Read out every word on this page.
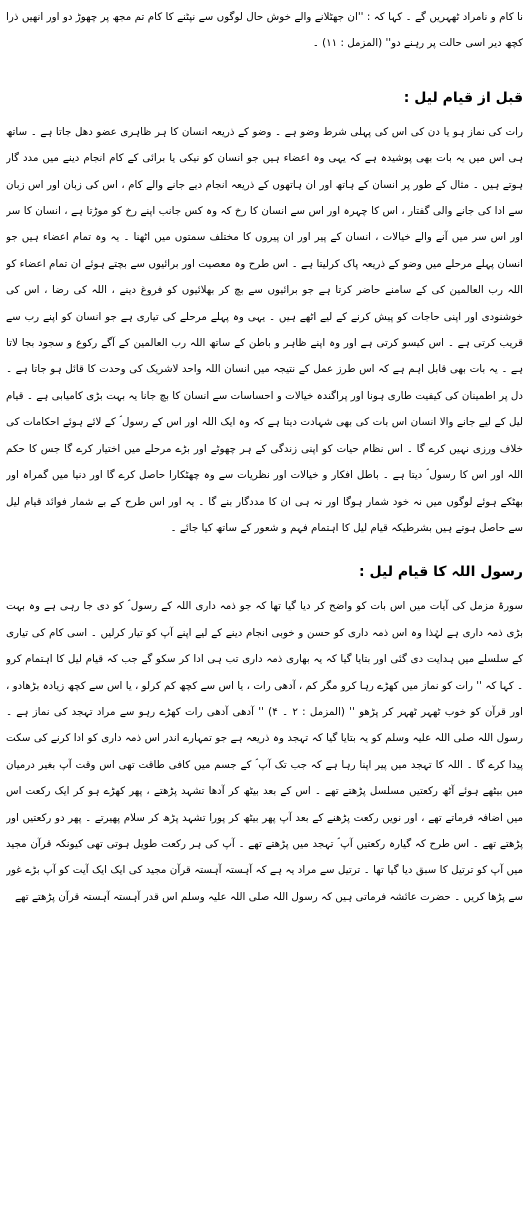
نا کام و نامراد ٹھہریں گے ۔ کہا کہ : ''ان جھٹلانے والے خوش حال لوگوں سے نپٹنے کا کام تم مجھ پر چھوڑ دو اور انھیں ذرا کچھ دیر اسی حالت پر رہنے دو'' (المزمل : ۱۱) ۔

قبل از قیام لیل :

رات کی نماز ہو یا دن کی اس کی پہلی شرط وضو ہے ۔ وضو کے ذریعہ انسان کا ہر ظاہری عضو دھل جاتا ہے ۔ ساتھ ہی اس میں یہ بات بھی پوشیدہ ہے کہ یہی وہ اعضاء ہیں جو انسان کو نیکی یا برائی کے کام انجام دینے میں مدد گار ہوتے ہیں ۔ مثال کے طور پر انسان کے ہاتھ اور ان ہاتھوں کے ذریعہ انجام دیے جانے والے کام ، اس کی زبان اور اس زبان سے ادا کی جانے والی گفتار ، اس کا چہرہ اور اس سے انسان کا رخ کہ وہ کس جانب اپنے رخ کو موڑتا ہے ، انسان کا سر اور اس سر میں آنے والے خیالات ، انسان کے پیر اور ان پیروں کا مختلف سمتوں میں اٹھنا ۔ یہ وہ تمام اعضاء ہیں جو انسان پہلے مرحلے میں وضو کے ذریعہ پاک کرلیتا ہے ۔ اس طرح وہ معصیت اور برائیوں سے بچتے ہوئے ان تمام اعضاء کو اللہ رب العالمین کی کے سامنے حاضر کرتا ہے جو برائیوں سے بچ کر بھلائیوں کو فروغ دینے ، اللہ کی رضا ، اس کی خوشنودی اور اپنی حاجات کو پیش کرنے کے لیے اٹھے ہیں ۔ یہی وہ پہلے مرحلے کی تیاری ہے جو انسان کو اپنے رب سے قریب کرتی ہے ۔ اس کیسو کرتی ہے اور وہ اپنے ظاہر و باطن کے ساتھ اللہ رب العالمین کے آگے رکوع و سجود بجا لاتا ہے ۔ یہ بات بھی قابل اہم ہے کہ اس طرز عمل کے نتیجہ میں انسان اللہ واحد لاشریک کی وحدت کا قائل ہو جاتا ہے ۔ دل پر اطمینان کی کیفیت طاری ہونا اور پراگندہ خیالات و احساسات سے انسان کا بچ جانا یہ بہت بڑی کامیابی ہے ۔ قیام لیل کے لیے جانے والا انسان اس بات کی بھی شہادت دیتا ہے کہ وہ ایک اللہ اور اس کے رسول ؐ کے لائے ہوئے احکامات کی خلاف ورزی نہیں کرے گا ۔ اس نظام حیات کو اپنی زندگی کے ہر چھوٹے اور بڑے مرحلے میں اختیار کرے گا جس کا حکم اللہ اور اس کا رسول ؐ دیتا ہے ۔ باطل افکار و خیالات اور نظریات سے وہ چھٹکارا حاصل کرے گا اور دنیا میں گمراہ اور بھٹکے ہوئے لوگوں میں نہ خود شمار ہوگا اور نہ ہی ان کا مددگار بنے گا ۔ یہ اور اس طرح کے بے شمار فوائد قیام لیل سے حاصل ہوتے ہیں بشرطیکہ قیام لیل کا اہتمام فہم و شعور کے ساتھ کیا جائے ۔

رسول اللہ کا قیام لیل :

سورۃ مزمل کی آیات میں اس بات کو واضح کر دیا گیا تھا کہ جو ذمہ داری اللہ کے رسول ؐ کو دی جا رہی ہے وہ بہت بڑی ذمہ داری ہے لہٰذا وہ اس ذمہ داری کو حسن و خوبی انجام دینے کے لیے اپنے آپ کو تیار کرلیں ۔ اسی کام کی تیاری کے سلسلے میں ہدایت دی گئی اور بتایا گیا کہ یہ بھاری ذمہ داری تب ہی ادا کر سکو گے جب کہ قیام لیل کا اہتمام کرو ۔ کہا کہ '' رات کو نماز میں کھڑے رہا کرو مگر کم ، آدھی رات ، یا اس سے کچھ کم کرلو ، یا اس سے کچھ زیادہ بڑھادو ، اور قرآن کو خوب ٹھہر ٹھہر کر پڑھو '' (المزمل : ۲ ۔ ۴) '' آدھی آدھی رات کھڑے رہو سے مراد تہجد کی نماز ہے ۔ رسول اللہ صلی اللہ علیہ وسلم کو یہ بتایا گیا کہ تہجد وہ ذریعہ ہے جو تمہارے اندر اس ذمہ داری کو ادا کرنے کی سکت پیدا کرے گا ۔ اللہ کا تہجد میں پیر اپنا رہا ہے کہ جب تک آپ ؐ کے جسم میں کافی طاقت تھی اس وقت آپ بغیر درمیان میں بیٹھے ہوئے آٹھ رکعتیں مسلسل پڑھتے تھے ۔ اس کے بعد بیٹھ کر آدھا تشہد پڑھتے ، پھر کھڑے ہو کر ایک رکعت اس میں اضافہ فرماتے تھے ، اور نویں رکعت پڑھنے کے بعد آپ پھر بیٹھ کر پورا تشہد پڑھ کر سلام پھیرتے ۔ پھر دو رکعتیں اور پڑھتے تھے ۔ اس طرح کہ گیارہ رکعتیں آپ ؐ تہجد میں پڑھتے تھے ۔ آپ کی ہر رکعت طویل ہوتی تھی کیونکہ قرآن مجید میں آپ کو ترتیل کا سبق دیا گیا تھا ۔ ترتیل سے مراد یہ ہے کہ آہستہ آہستہ قرآن مجید کی ایک ایک آیت کو آپ بڑے غور سے پڑھا کریں ۔ حضرت عائشہ فرماتی ہیں کہ رسول اللہ صلی اللہ علیہ وسلم اس قدر آہستہ آہستہ قرآن پڑھتے تھے
